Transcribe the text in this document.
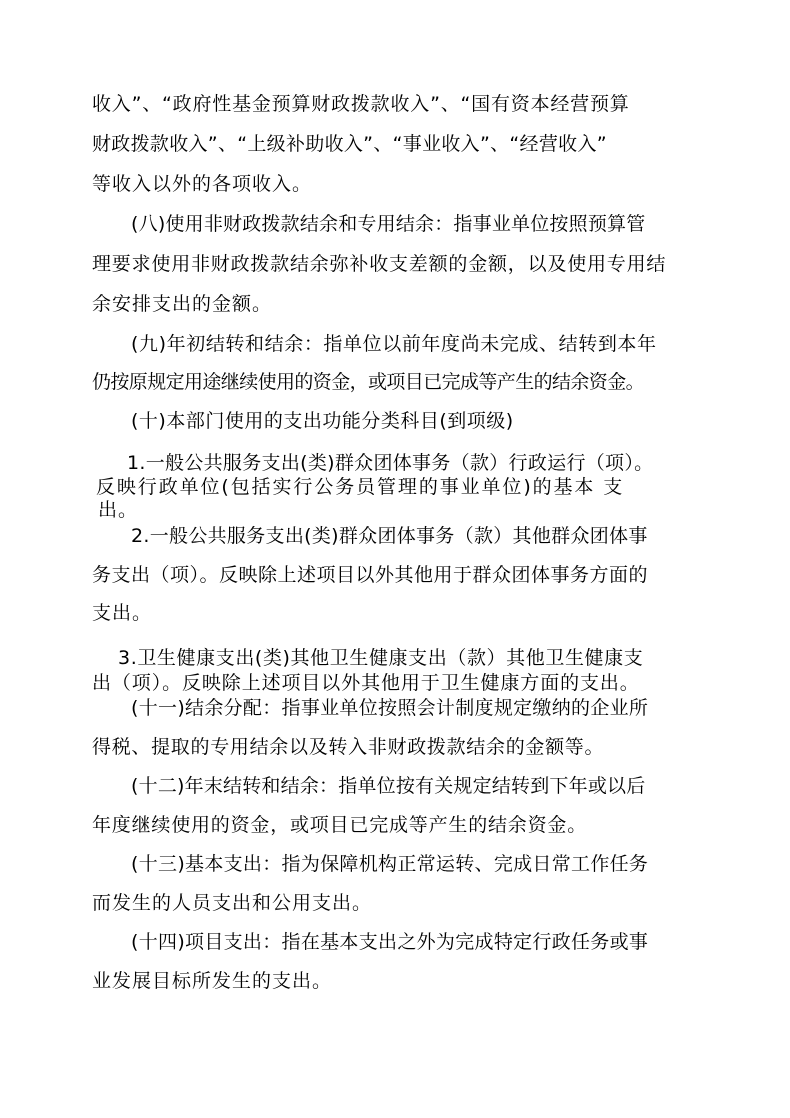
收入”、“政府性基金预算财政拨款收入”、“国有资本经营预算

财政拨款收入”、“上级补助收入”、“事业收入”、“经营收入”

等收入以外的各项收入。

(八)使用非财政拨款结余和专用结余：指事业单位按照预算管

理要求使用非财政拨款结余弥补收支差额的金额，以及使用专用结

余安排支出的金额。

(九)年初结转和结余：指单位以前年度尚未完成、结转到本年

仍按原规定用途继续使用的资金，或项目已完成等产生的结余资金。

(十)本部门使用的支出功能分类科目(到项级)

1.一般公共服务支出(类)群众团体事务（款）行政运行（项）。

反映行政单位(包括实行公务员管理的事业单位)的基本 支

出。

2.一般公共服务支出(类)群众团体事务（款）其他群众团体事

务支出（项）。反映除上述项目以外其他用于群众团体事务方面的

支出。

3.卫生健康支出(类)其他卫生健康支出（款）其他卫生健康支

出（项）。反映除上述项目以外其他用于卫生健康方面的支出。

(十一)结余分配：指事业单位按照会计制度规定缴纳的企业所

得税、提取的专用结余以及转入非财政拨款结余的金额等。

(十二)年末结转和结余：指单位按有关规定结转到下年或以后

年度继续使用的资金，或项目已完成等产生的结余资金。

(十三)基本支出：指为保障机构正常运转、完成日常工作任务

而发生的人员支出和公用支出。

(十四)项目支出：指在基本支出之外为完成特定行政任务或事

业发展目标所发生的支出。
